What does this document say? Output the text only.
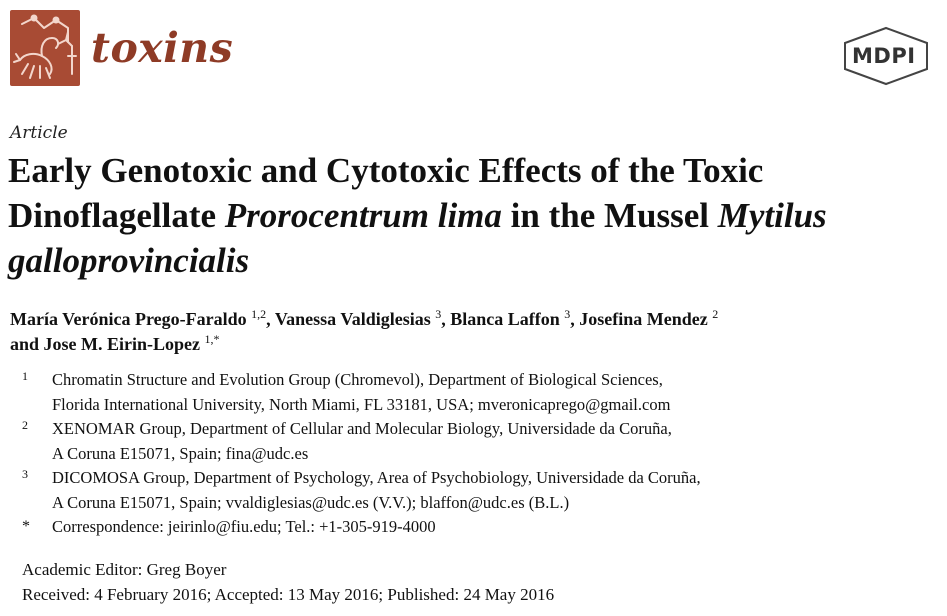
toxins	MDPI
Article
Early Genotoxic and Cytotoxic Effects of the Toxic Dinoflagellate Prorocentrum lima in the Mussel Mytilus galloprovincialis
María Verónica Prego-Faraldo $^{1,2}$, Vanessa Valdiglesias $^3$, Blanca Laffon $^3$, Josefina Mendez $^2$
and Jose M. Eirin-Lopez $^{1,*}$
1 Chromatin Structure and Evolution Group (Chromevol), Department of Biological Sciences,
Florida International University, North Miami, FL 33181, USA; mveronicaprego@gmail.com
2 XENOMAR Group, Department of Cellular and Molecular Biology, Universidade da Coruña,
A Coruna E15071, Spain; fina@udc.es
3 DICOMOSA Group, Department of Psychology, Area of Psychobiology, Universidade da Coruña,
A Coruna E15071, Spain; vvaldiglesias@udc.es (V.V.); blaffon@udc.es (B.L.)
* Correspondence: jeirinlo@fiu.edu; Tel.: +1-305-919-4000
Academic Editor: Greg Boyer
Received: 4 February 2016; Accepted: 13 May 2016; Published: 24 May 2016
